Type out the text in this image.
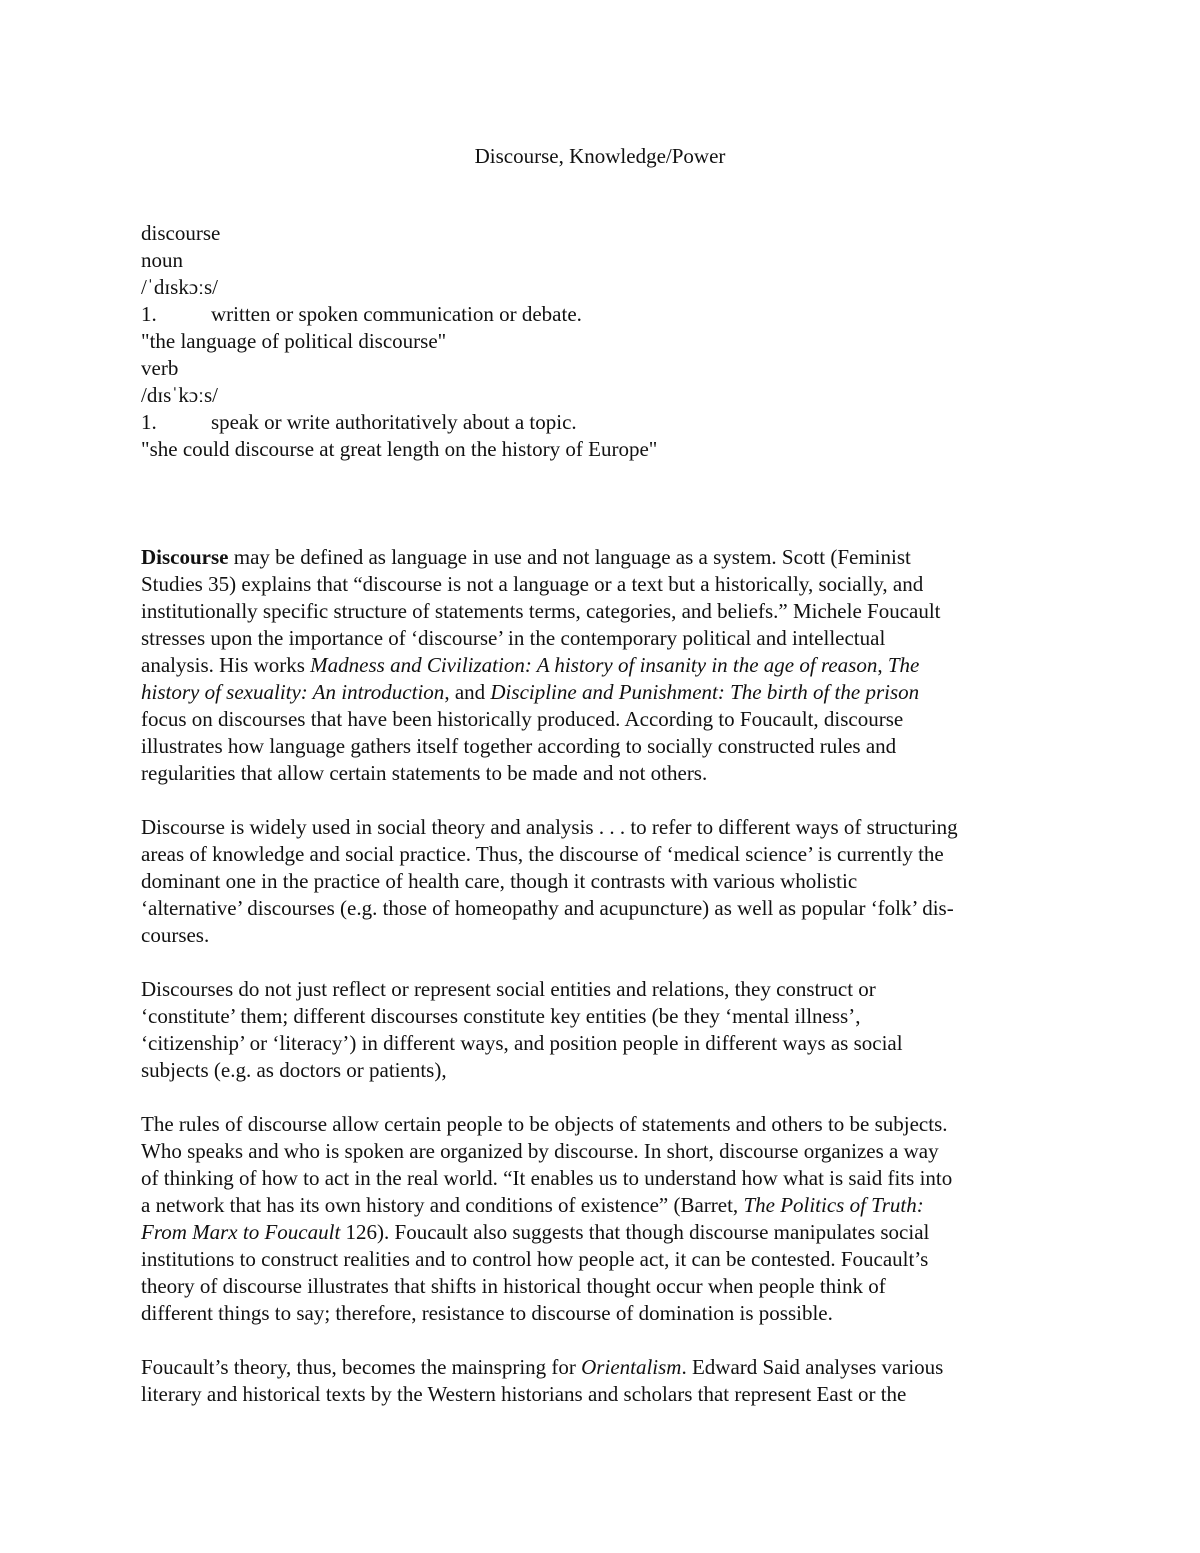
Discourse, Knowledge/Power
discourse
noun
/ˈdɪskɔːs/
1.	written or spoken communication or debate.
"the language of political discourse"
verb
/dɪsˈkɔːs/
1.	speak or write authoritatively about a topic.
"she could discourse at great length on the history of Europe"
Discourse may be defined as language in use and not language as a system. Scott (Feminist
Studies 35) explains that “discourse is not a language or a text but a historically, socially, and
institutionally specific structure of statements terms, categories, and beliefs.” Michele Foucault
stresses upon the importance of ‘discourse’ in the contemporary political and intellectual
analysis. His works Madness and Civilization: A history of insanity in the age of reason, The
history of sexuality: An introduction, and Discipline and Punishment: The birth of the prison
focus on discourses that have been historically produced. According to Foucault, discourse
illustrates how language gathers itself together according to socially constructed rules and
regularities that allow certain statements to be made and not others.
Discourse is widely used in social theory and analysis . . . to refer to different ways of structuring
areas of knowledge and social practice. Thus, the discourse of ‘medical science’ is currently the
dominant one in the practice of health care, though it contrasts with various wholistic
‘alternative’ discourses (e.g. those of homeopathy and acupuncture) as well as popular ‘folk’ dis-
courses.
Discourses do not just reflect or represent social entities and relations, they construct or
‘constitute’ them; different discourses constitute key entities (be they ‘mental illness’,
‘citizenship’ or ‘literacy’) in different ways, and position people in different ways as social
subjects (e.g. as doctors or patients),
The rules of discourse allow certain people to be objects of statements and others to be subjects.
Who speaks and who is spoken are organized by discourse. In short, discourse organizes a way
of thinking of how to act in the real world. “It enables us to understand how what is said fits into
a network that has its own history and conditions of existence” (Barret, The Politics of Truth:
From Marx to Foucault 126). Foucault also suggests that though discourse manipulates social
institutions to construct realities and to control how people act, it can be contested. Foucault’s
theory of discourse illustrates that shifts in historical thought occur when people think of
different things to say; therefore, resistance to discourse of domination is possible.
Foucault’s theory, thus, becomes the mainspring for Orientalism. Edward Said analyses various
literary and historical texts by the Western historians and scholars that represent East or the
